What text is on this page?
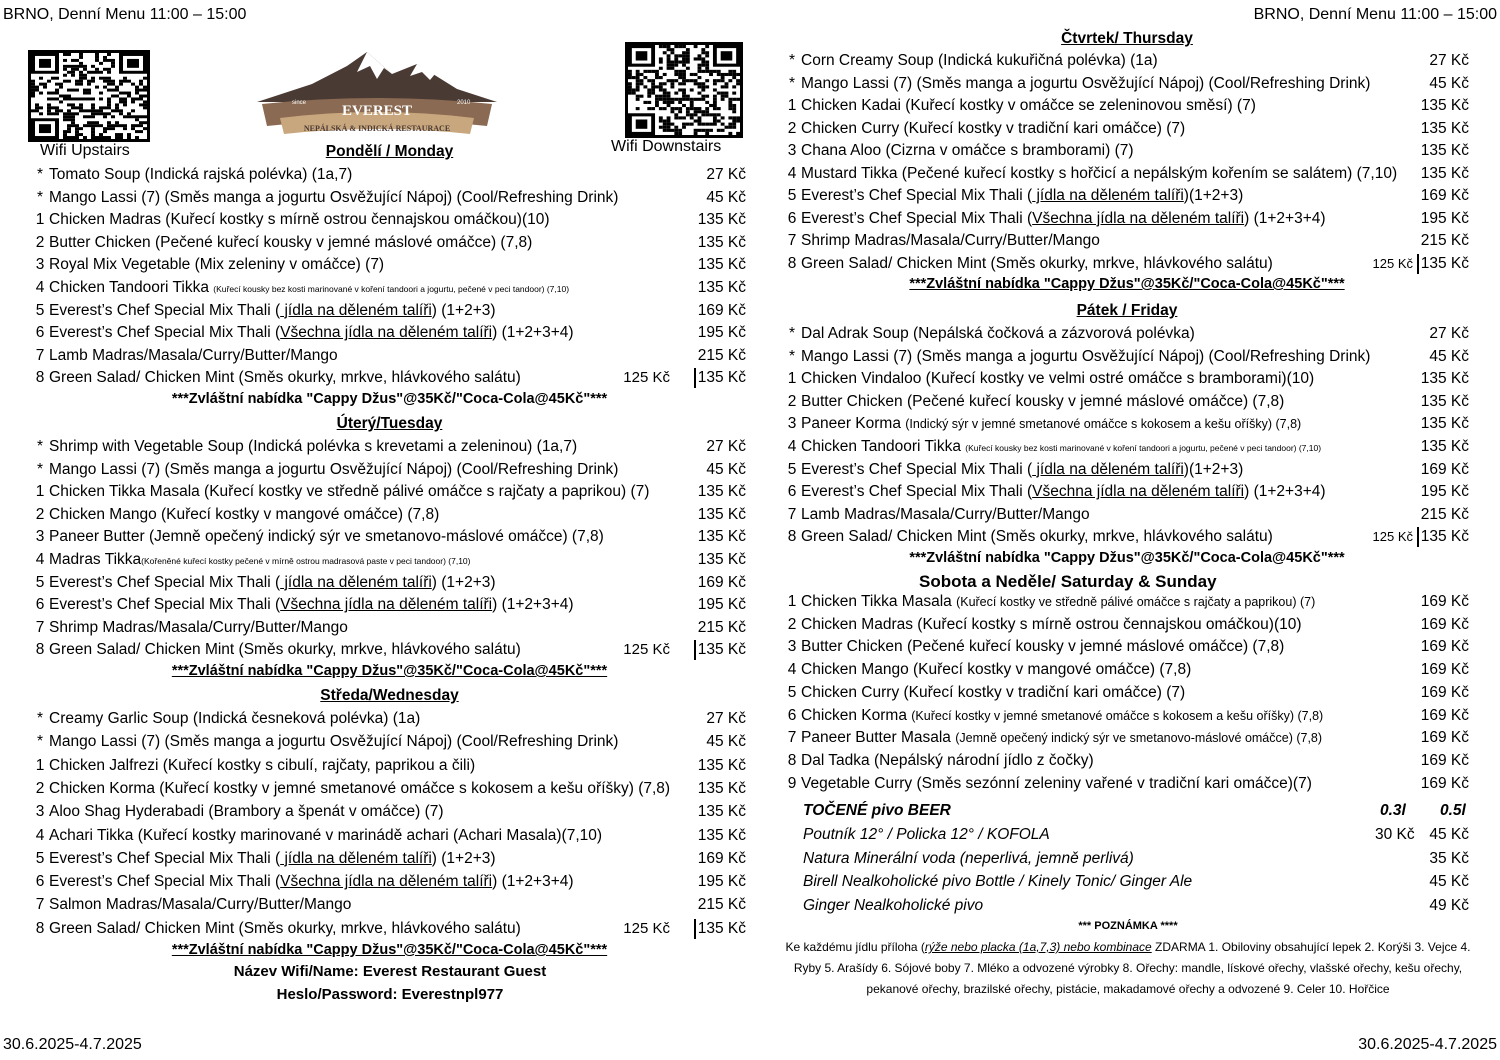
BRNO, Denní Menu 11:00 – 15:00	BRNO, Denní Menu 11:00 – 15:00
30.6.2025-4.7.2025	30.6.2025-4.7.2025
Wifi Upstairs	Wifi Downstairs
EVEREST
NEPÁLSKÁ & INDICKÁ RESTAURACE
since	2010
Pondělí / Monday
* Tomato Soup (Indická rajská polévka) (1a,7)	27 Kč
* Mango Lassi (7) (Směs manga a jogurtu Osvěžující Nápoj) (Cool/Refreshing Drink)	45 Kč
1 Chicken Madras (Kuřecí kostky s mírně ostrou čennajskou omáčkou)(10)	135 Kč
2 Butter Chicken (Pečené kuřecí kousky v jemné máslové omáčce) (7,8)	135 Kč
3 Royal Mix Vegetable (Mix zeleniny v omáčce) (7)	135 Kč
4 Chicken Tandoori Tikka (Kuřecí kousky bez kosti marinované v koření tandoori a jogurtu, pečené v peci tandoor) (7,10)	135 Kč
5 Everest’s Chef Special Mix Thali ( jídla na děleném talíři) (1+2+3)	169 Kč
6 Everest’s Chef Special Mix Thali (Všechna jídla na děleném talíři) (1+2+3+4)	195 Kč
7 Lamb Madras/Masala/Curry/Butter/Mango	215 Kč
8 Green Salad/ Chicken Mint (Směs okurky, mrkve, hlávkového salátu)	125 Kč 135 Kč
***Zvláštní nabídka "Cappy Džus"@35Kč/"Coca-Cola@45Kč"***
Úterý/Tuesday
* Shrimp with Vegetable Soup (Indická polévka s krevetami a zeleninou) (1a,7)	27 Kč
* Mango Lassi (7) (Směs manga a jogurtu Osvěžující Nápoj) (Cool/Refreshing Drink)	45 Kč
1 Chicken Tikka Masala (Kuřecí kostky ve středně pálivé omáčce s rajčaty a paprikou) (7)	135 Kč
2 Chicken Mango (Kuřecí kostky v mangové omáčce) (7,8)	135 Kč
3 Paneer Butter (Jemně opečený indický sýr ve smetanovo-máslové omáčce) (7,8)	135 Kč
4 Madras Tikka(Kořeněné kuřecí kostky pečené v mírně ostrou madrasová paste v peci tandoor) (7,10)	135 Kč
5 Everest’s Chef Special Mix Thali ( jídla na děleném talíři) (1+2+3)	169 Kč
6 Everest’s Chef Special Mix Thali (Všechna jídla na děleném talíři) (1+2+3+4)	195 Kč
7 Shrimp Madras/Masala/Curry/Butter/Mango	215 Kč
8 Green Salad/ Chicken Mint (Směs okurky, mrkve, hlávkového salátu)	125 Kč 135 Kč
***Zvláštní nabídka "Cappy Džus"@35Kč/"Coca-Cola@45Kč"***
Středa/Wednesday
* Creamy Garlic Soup (Indická česneková polévka) (1a)	27 Kč
* Mango Lassi (7) (Směs manga a jogurtu Osvěžující Nápoj) (Cool/Refreshing Drink)	45 Kč
1 Chicken Jalfrezi (Kuřecí kostky s cibulí, rajčaty, paprikou a čili)	135 Kč
2 Chicken Korma (Kuřecí kostky v jemné smetanové omáčce s kokosem a kešu oříšky) (7,8) 135 Kč
3 Aloo Shag Hyderabadi (Brambory a špenát v omáčce) (7)	135 Kč
4 Achari Tikka (Kuřecí kostky marinované v marinádě achari (Achari Masala)(7,10)	135 Kč
5 Everest’s Chef Special Mix Thali ( jídla na děleném talíři) (1+2+3)	169 Kč
6 Everest’s Chef Special Mix Thali (Všechna jídla na děleném talíři) (1+2+3+4)	195 Kč
7 Salmon Madras/Masala/Curry/Butter/Mango	215 Kč
8 Green Salad/ Chicken Mint (Směs okurky, mrkve, hlávkového salátu)	125 Kč 135 Kč
***Zvláštní nabídka "Cappy Džus"@35Kč/"Coca-Cola@45Kč"***
Čtvrtek/ Thursday
* Corn Creamy Soup (Indická kukuřičná polévka) (1a)	27 Kč
* Mango Lassi (7) (Směs manga a jogurtu Osvěžující Nápoj) (Cool/Refreshing Drink)	45 Kč
1 Chicken Kadai (Kuřecí kostky v omáčce se zeleninovou směsí) (7)	135 Kč
2 Chicken Curry (Kuřecí kostky v tradiční kari omáčce) (7)	135 Kč
3 Chana Aloo (Cizrna v omáčce s bramborami) (7)	135 Kč
4 Mustard Tikka (Pečené kuřecí kostky s hořčicí a nepálským kořením se salátem) (7,10) 135 Kč
5 Everest’s Chef Special Mix Thali ( jídla na děleném talíři)(1+2+3)	169 Kč
6 Everest’s Chef Special Mix Thali (Všechna jídla na děleném talíři) (1+2+3+4)	195 Kč
7 Shrimp Madras/Masala/Curry/Butter/Mango	215 Kč
8 Green Salad/ Chicken Mint (Směs okurky, mrkve, hlávkového salátu)	125 Kč 135 Kč
***Zvláštní nabídka "Cappy Džus"@35Kč/"Coca-Cola@45Kč"***
Pátek / Friday
* Dal Adrak Soup (Nepálská čočková a zázvorová polévka)	27 Kč
* Mango Lassi (7) (Směs manga a jogurtu Osvěžující Nápoj) (Cool/Refreshing Drink)	45 Kč
1 Chicken Vindaloo (Kuřecí kostky ve velmi ostré omáčce s bramborami)(10)	135 Kč
2 Butter Chicken (Pečené kuřecí kousky v jemné máslové omáčce) (7,8)	135 Kč
3 Paneer Korma (Indický sýr v jemné smetanové omáčce s kokosem a kešu oříšky) (7,8)	135 Kč
4 Chicken Tandoori Tikka (Kuřecí kousky bez kosti marinované v koření tandoori a jogurtu, pečené v peci tandoor) (7,10)	135 Kč
5 Everest’s Chef Special Mix Thali ( jídla na děleném talíři)(1+2+3)	169 Kč
6 Everest’s Chef Special Mix Thali (Všechna jídla na děleném talíři) (1+2+3+4)	195 Kč
7 Lamb Madras/Masala/Curry/Butter/Mango	215 Kč
8 Green Salad/ Chicken Mint (Směs okurky, mrkve, hlávkového salátu)	125 Kč 135 Kč
***Zvláštní nabídka "Cappy Džus"@35Kč/"Coca-Cola@45Kč"***
1 Chicken Tikka Masala (Kuřecí kostky ve středně pálivé omáčce s rajčaty a paprikou) (7)	169 Kč
2 Chicken Madras (Kuřecí kostky s mírně ostrou čennajskou omáčkou)(10)	169 Kč
3 Butter Chicken (Pečené kuřecí kousky v jemné máslové omáčce) (7,8)	169 Kč
4 Chicken Mango (Kuřecí kostky v mangové omáčce) (7,8)	169 Kč
5 Chicken Curry (Kuřecí kostky v tradiční kari omáčce) (7)	169 Kč
6 Chicken Korma (Kuřecí kostky v jemné smetanové omáčce s kokosem a kešu oříšky) (7,8)	169 Kč
7 Paneer Butter Masala (Jemně opečený indický sýr ve smetanovo-máslové omáčce) (7,8)	169 Kč
8 Dal Tadka (Nepálský národní jídlo z čočky)	169 Kč
9 Vegetable Curry (Směs sezónní zeleniny vařené v tradiční kari omáčce)(7)	169 Kč
Sobota a Neděle/ Saturday & Sunday
TOČENÉ pivo BEER	0.3l 0.5l
Poutník 12° / Policka 12° / KOFOLA	30 Kč 45 Kč
Natura Minerální voda (neperlivá, jemně perlivá)	35 Kč
Birell Nealkoholické pivo Bottle / Kinely Tonic/ Ginger Ale	45 Kč
Ginger Nealkoholické pivo	49 Kč
*** POZNÁMKA ****
Ke každému jídlu příloha (rýže nebo placka (1a,7,3) nebo kombinace ZDARMA 1. Obiloviny obsahující lepek 2. Korýši 3. Vejce 4. Ryby 5. Arašídy 6. Sójové boby 7. Mléko a odvozené výrobky 8. Ořechy: mandle, lískové ořechy, vlašské ořechy, kešu ořechy, pekanové ořechy, brazilské ořechy, pistácie, makadamové ořechy a odvozené 9. Celer 10. Hořčice
Název Wifi/Name: Everest Restaurant Guest
Heslo/Password: Everestnpl977
